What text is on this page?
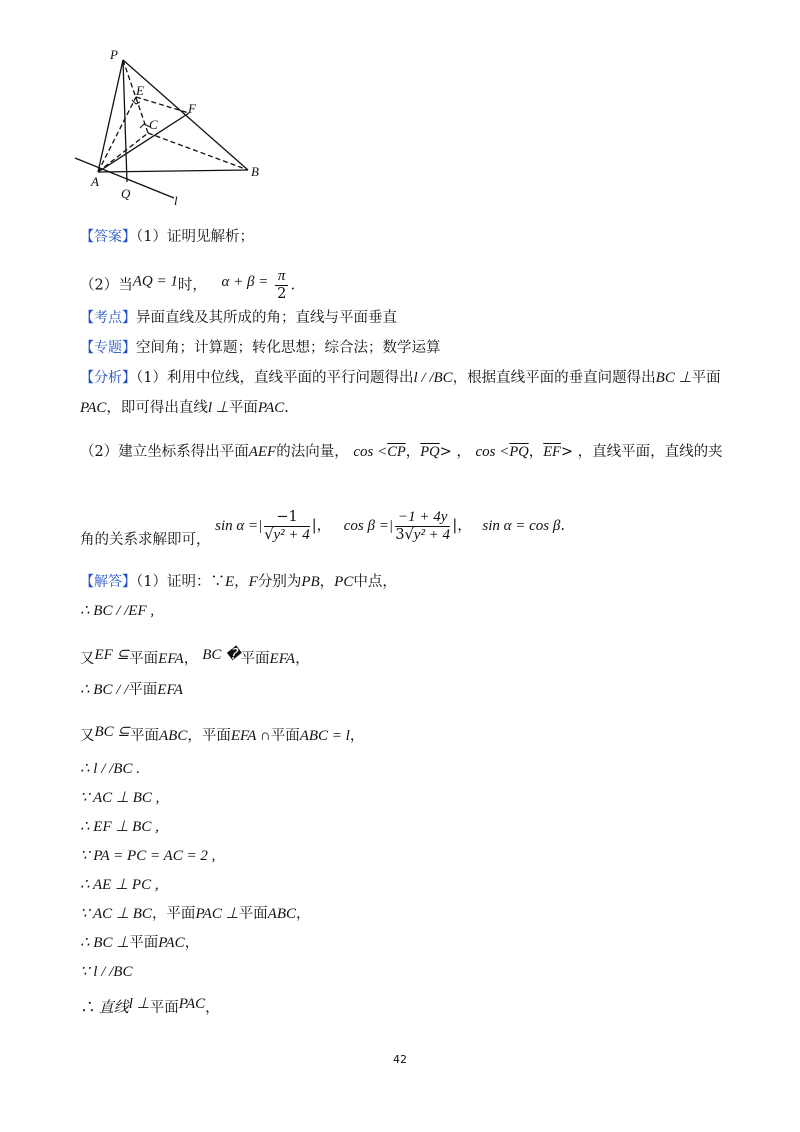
P
E
F
C
A
B
Q	l
【答案】（1）证明见解析；
（2）当AQ = 1时， $\alpha + \beta = \frac{\pi}{2}$ .
【考点】异面直线及其所成的角；直线与平面垂直
【专题】空间角；计算题；转化思想；综合法；数学运算
【分析】（1）利用中位线，直线平面的平行问题得出l / /BC，根据直线平面的垂直问题得出BC ⊥平面
PAC，即可得出直线l ⊥平面PAC.
（2）建立坐标系得出平面AEF的法向量， $\cos <\overline{CP}$，$\overline{PQ}>$ ， $\cos <\overline{PQ}$，$\overline{EF}>$ ，直线平面，直线的夹
角的关系求解即可， sin α =| $\frac{-1}{\text{√y² + 4}}$ |， cos β =| $\frac{-1 + 4y}{\text{3√y² + 4}}$ |， sin α = cos β.
【解答】（1）证明：∵E，F分别为PB，PC中点，
∴ BC / /EF ,
又EF ⊆平面EFA， BC �平面EFA，
∴ BC / /平面EFA
又BC ⊆平面ABC，平面EFA ∩平面ABC = l，
∴ l / /BC .
∵ AC ⊥ BC ,
∴ EF ⊥ BC ,
∵ PA = PC = AC = 2 ,
∴ AE ⊥ PC ,
∵ AC ⊥ BC，平面PAC ⊥平面ABC，
∴ BC ⊥平面PAC，
∵ l / /BC
∴ 直线l ⊥平面PAC，
42
